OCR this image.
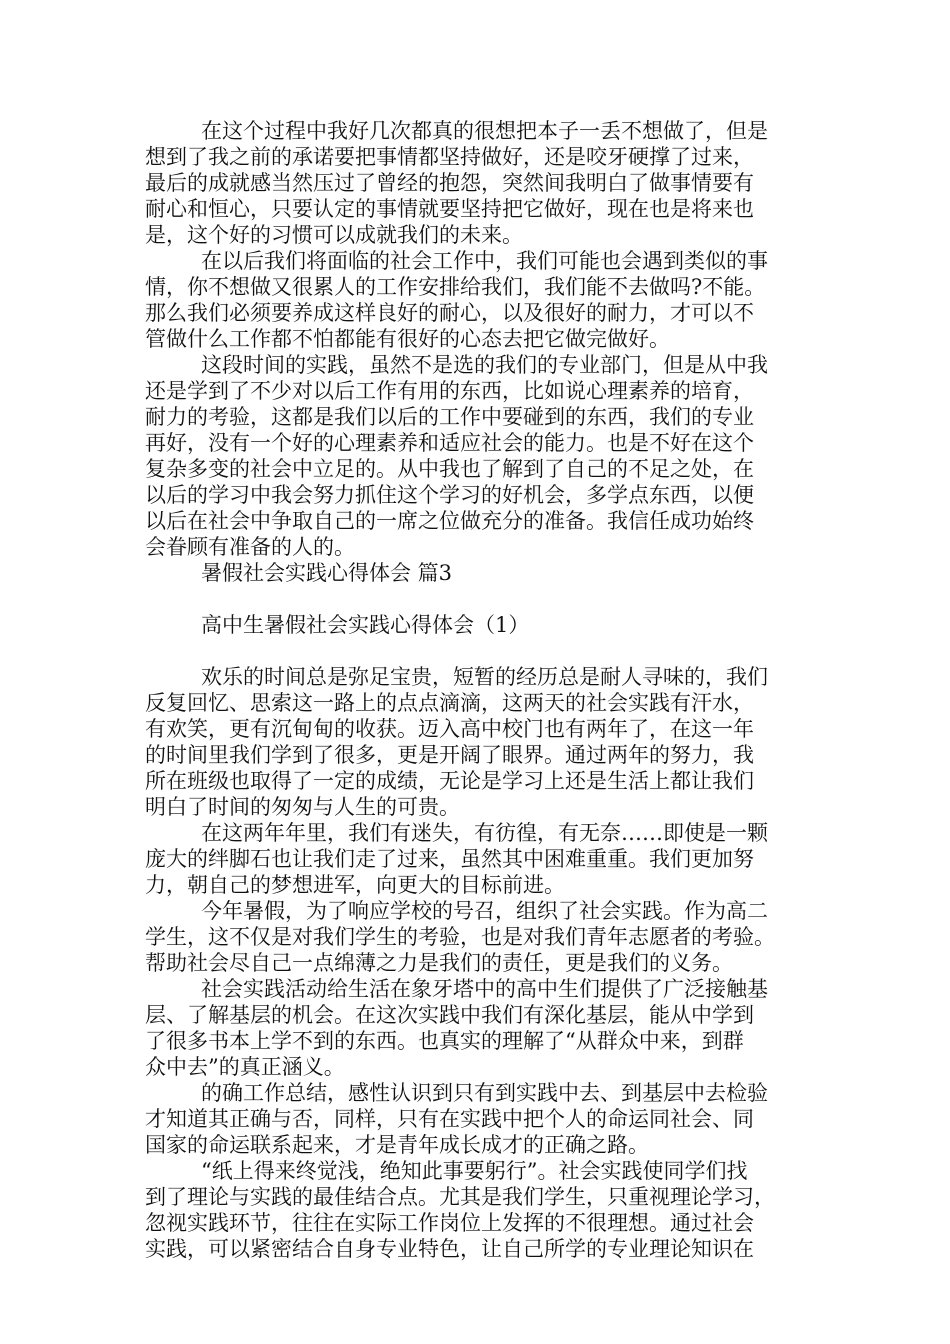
在这个过程中我好几次都真的很想把本子一丢不想做了，但是
想到了我之前的承诺要把事情都坚持做好，还是咬牙硬撑了过来，
最后的成就感当然压过了曾经的抱怨，突然间我明白了做事情要有
耐心和恒心，只要认定的事情就要坚持把它做好，现在也是将来也
是，这个好的习惯可以成就我们的未来。
在以后我们将面临的社会工作中，我们可能也会遇到类似的事
情，你不想做又很累人的工作安排给我们，我们能不去做吗?不能。
那么我们必须要养成这样良好的耐心，以及很好的耐力，才可以不
管做什么工作都不怕都能有很好的心态去把它做完做好。
这段时间的实践，虽然不是选的我们的专业部门，但是从中我
还是学到了不少对以后工作有用的东西，比如说心理素养的培育，
耐力的考验，这都是我们以后的工作中要碰到的东西，我们的专业
再好，没有一个好的心理素养和适应社会的能力。也是不好在这个
复杂多变的社会中立足的。从中我也了解到了自己的不足之处，在
以后的学习中我会努力抓住这个学习的好机会，多学点东西，以便
以后在社会中争取自己的一席之位做充分的准备。我信任成功始终
会眷顾有准备的人的。
暑假社会实践心得体会 篇3
高中生暑假社会实践心得体会（1）
欢乐的时间总是弥足宝贵，短暂的经历总是耐人寻味的，我们
反复回忆、思索这一路上的点点滴滴，这两天的社会实践有汗水，
有欢笑，更有沉甸甸的收获。迈入高中校门也有两年了，在这一年
的时间里我们学到了很多，更是开阔了眼界。通过两年的努力，我
所在班级也取得了一定的成绩，无论是学习上还是生活上都让我们
明白了时间的匆匆与人生的可贵。
在这两年年里，我们有迷失，有彷徨，有无奈……即使是一颗
庞大的绊脚石也让我们走了过来，虽然其中困难重重。我们更加努
力，朝自己的梦想进军，向更大的目标前进。
今年暑假，为了响应学校的号召，组织了社会实践。作为高二
学生，这不仅是对我们学生的考验，也是对我们青年志愿者的考验。
帮助社会尽自己一点绵薄之力是我们的责任，更是我们的义务。
社会实践活动给生活在象牙塔中的高中生们提供了广泛接触基
层、了解基层的机会。在这次实践中我们有深化基层，能从中学到
了很多书本上学不到的东西。也真实的理解了“从群众中来，到群
众中去”的真正涵义。
的确工作总结，感性认识到只有到实践中去、到基层中去检验
才知道其正确与否，同样，只有在实践中把个人的命运同社会、同
国家的命运联系起来，才是青年成长成才的正确之路。
“纸上得来终觉浅，绝知此事要躬行”。社会实践使同学们找
到了理论与实践的最佳结合点。尤其是我们学生，只重视理论学习，
忽视实践环节，往往在实际工作岗位上发挥的不很理想。通过社会
实践，可以紧密结合自身专业特色，让自己所学的专业理论知识在
